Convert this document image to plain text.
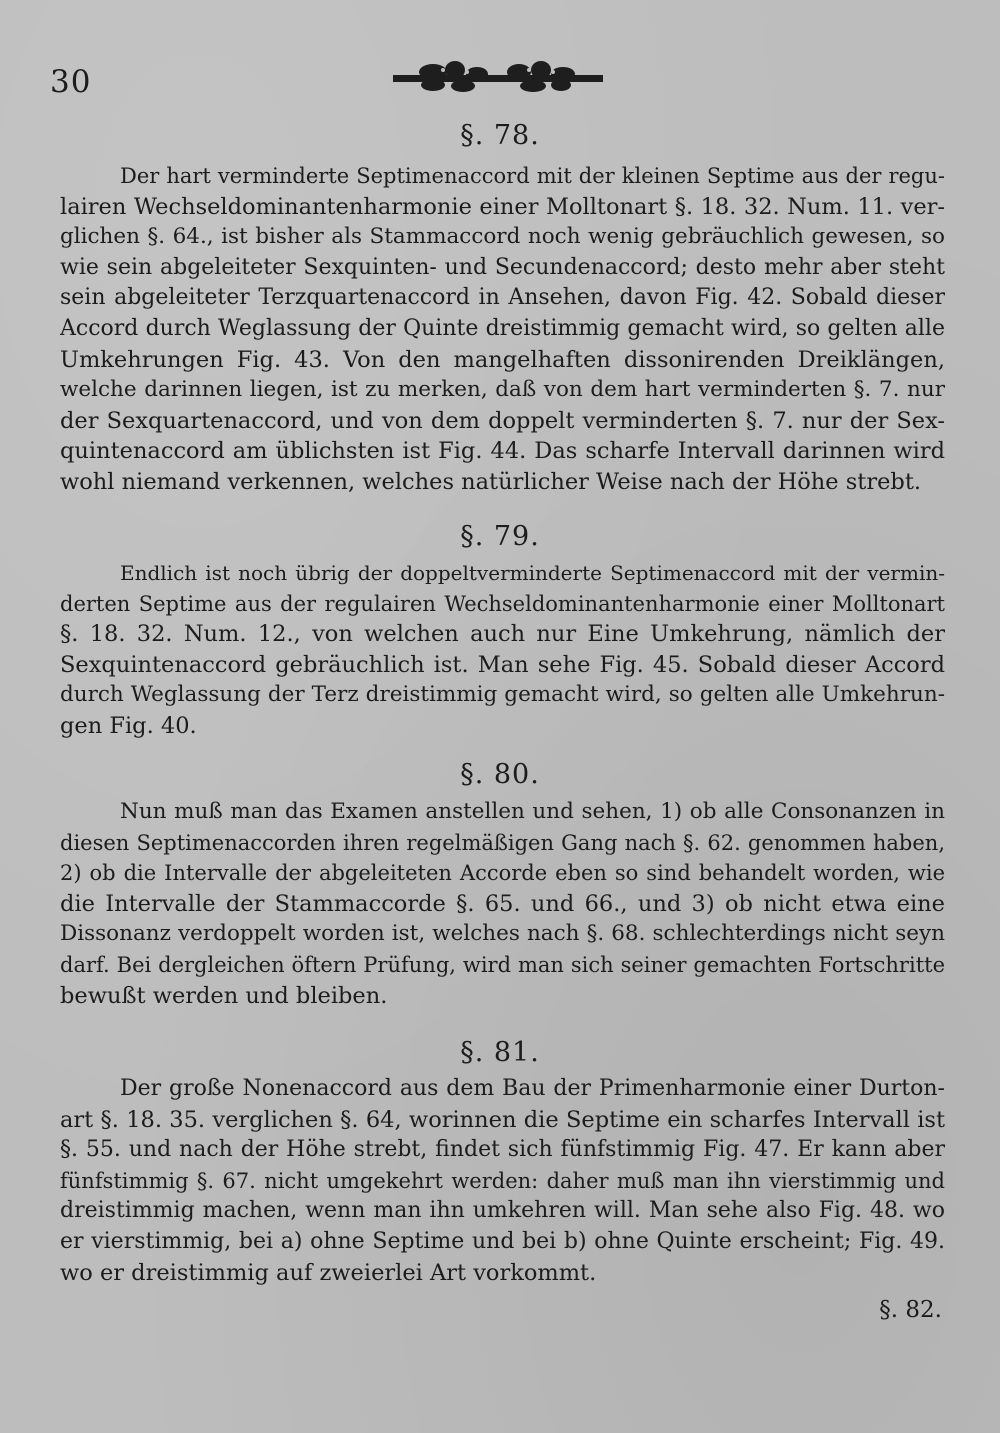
30
§. 78.
Der hart verminderte Septimenaccord mit der kleinen Septime aus der regu-
lairen Wechseldominantenharmonie einer Molltonart §. 18. 32. Num. 11. ver-
glichen §. 64., ist bisher als Stammaccord noch wenig gebräuchlich gewesen, so
wie sein abgeleiteter Sexquinten- und Secundenaccord; desto mehr aber steht
sein abgeleiteter Terzquartenaccord in Ansehen, davon Fig. 42. Sobald dieser
Accord durch Weglassung der Quinte dreistimmig gemacht wird, so gelten alle
Umkehrungen Fig. 43. Von den mangelhaften dissonirenden Dreiklängen,
welche darinnen liegen, ist zu merken, daß von dem hart verminderten §. 7. nur
der Sexquartenaccord, und von dem doppelt verminderten §. 7. nur der Sex-
quintenaccord am üblichsten ist Fig. 44. Das scharfe Intervall darinnen wird
wohl niemand verkennen, welches natürlicher Weise nach der Höhe strebt.
§. 79.
Endlich ist noch übrig der doppeltverminderte Septimenaccord mit der vermin-
derten Septime aus der regulairen Wechseldominantenharmonie einer Molltonart
§. 18. 32. Num. 12., von welchen auch nur Eine Umkehrung, nämlich der
Sexquintenaccord gebräuchlich ist. Man sehe Fig. 45. Sobald dieser Accord
durch Weglassung der Terz dreistimmig gemacht wird, so gelten alle Umkehrun-
gen Fig. 40.
§. 80.
Nun muß man das Examen anstellen und sehen, 1) ob alle Consonanzen in
diesen Septimenaccorden ihren regelmäßigen Gang nach §. 62. genommen haben,
2) ob die Intervalle der abgeleiteten Accorde eben so sind behandelt worden, wie
die Intervalle der Stammaccorde §. 65. und 66., und 3) ob nicht etwa eine
Dissonanz verdoppelt worden ist, welches nach §. 68. schlechterdings nicht seyn
darf. Bei dergleichen öftern Prüfung, wird man sich seiner gemachten Fortschritte
bewußt werden und bleiben.
§. 81.
Der große Nonenaccord aus dem Bau der Primenharmonie einer Durton-
art §. 18. 35. verglichen §. 64, worinnen die Septime ein scharfes Intervall ist
§. 55. und nach der Höhe strebt, findet sich fünfstimmig Fig. 47. Er kann aber
fünfstimmig §. 67. nicht umgekehrt werden: daher muß man ihn vierstimmig und
dreistimmig machen, wenn man ihn umkehren will. Man sehe also Fig. 48. wo
er vierstimmig, bei a) ohne Septime und bei b) ohne Quinte erscheint; Fig. 49.
wo er dreistimmig auf zweierlei Art vorkommt.
§. 82.
